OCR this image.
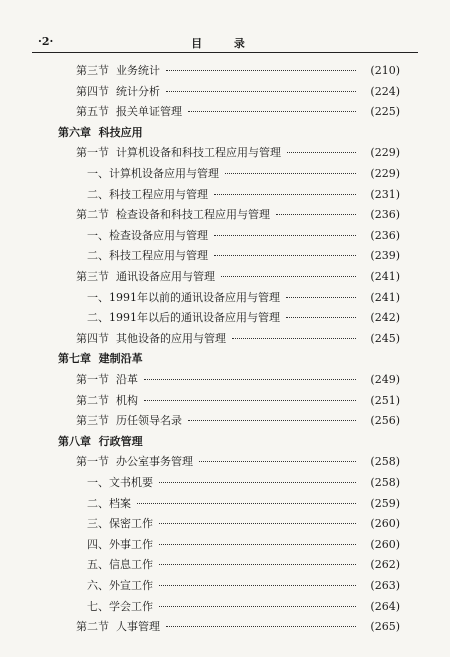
·2·	目 录
第三节  业务统计	(210)
第四节  统计分析	(224)
第五节  报关单证管理	(225)
第六章  科技应用
第一节  计算机设备和科技工程应用与管理	(229)
一、计算机设备应用与管理	(229)
二、科技工程应用与管理	(231)
第二节  检查设备和科技工程应用与管理	(236)
一、检查设备应用与管理	(236)
二、科技工程应用与管理	(239)
第三节  通讯设备应用与管理	(241)
一、1991年以前的通讯设备应用与管理	(241)
二、1991年以后的通讯设备应用与管理	(242)
第四节  其他设备的应用与管理	(245)
第七章  建制沿革
第一节  沿革	(249)
第二节  机构	(251)
第三节  历任领导名录	(256)
第八章  行政管理
第一节  办公室事务管理	(258)
一、文书机要	(258)
二、档案	(259)
三、保密工作	(260)
四、外事工作	(260)
五、信息工作	(262)
六、外宣工作	(263)
七、学会工作	(264)
第二节  人事管理	(265)
